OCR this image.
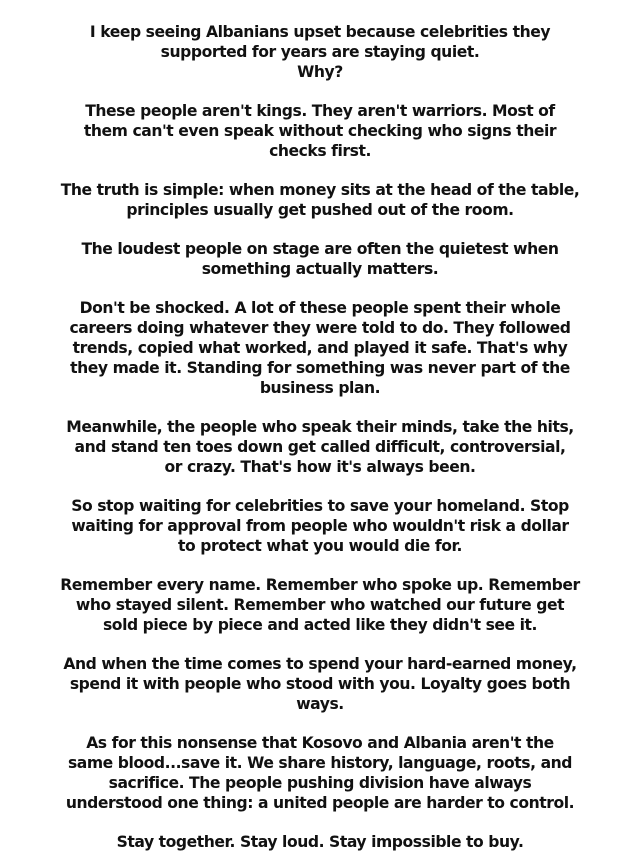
I keep seeing Albanians upset because celebrities they
supported for years are staying quiet.
Why?

These people aren't kings. They aren't warriors. Most of
them can't even speak without checking who signs their
checks first.

The truth is simple: when money sits at the head of the table,
principles usually get pushed out of the room.

The loudest people on stage are often the quietest when
something actually matters.

Don't be shocked. A lot of these people spent their whole
careers doing whatever they were told to do. They followed
trends, copied what worked, and played it safe. That's why
they made it. Standing for something was never part of the
business plan.

Meanwhile, the people who speak their minds, take the hits,
and stand ten toes down get called difficult, controversial,
or crazy. That's how it's always been.

So stop waiting for celebrities to save your homeland. Stop
waiting for approval from people who wouldn't risk a dollar
to protect what you would die for.

Remember every name. Remember who spoke up. Remember
who stayed silent. Remember who watched our future get
sold piece by piece and acted like they didn't see it.

And when the time comes to spend your hard-earned money,
spend it with people who stood with you. Loyalty goes both
ways.

As for this nonsense that Kosovo and Albania aren't the
same blood...save it. We share history, language, roots, and
sacrifice. The people pushing division have always
understood one thing: a united people are harder to control.

Stay together. Stay loud. Stay impossible to buy.
